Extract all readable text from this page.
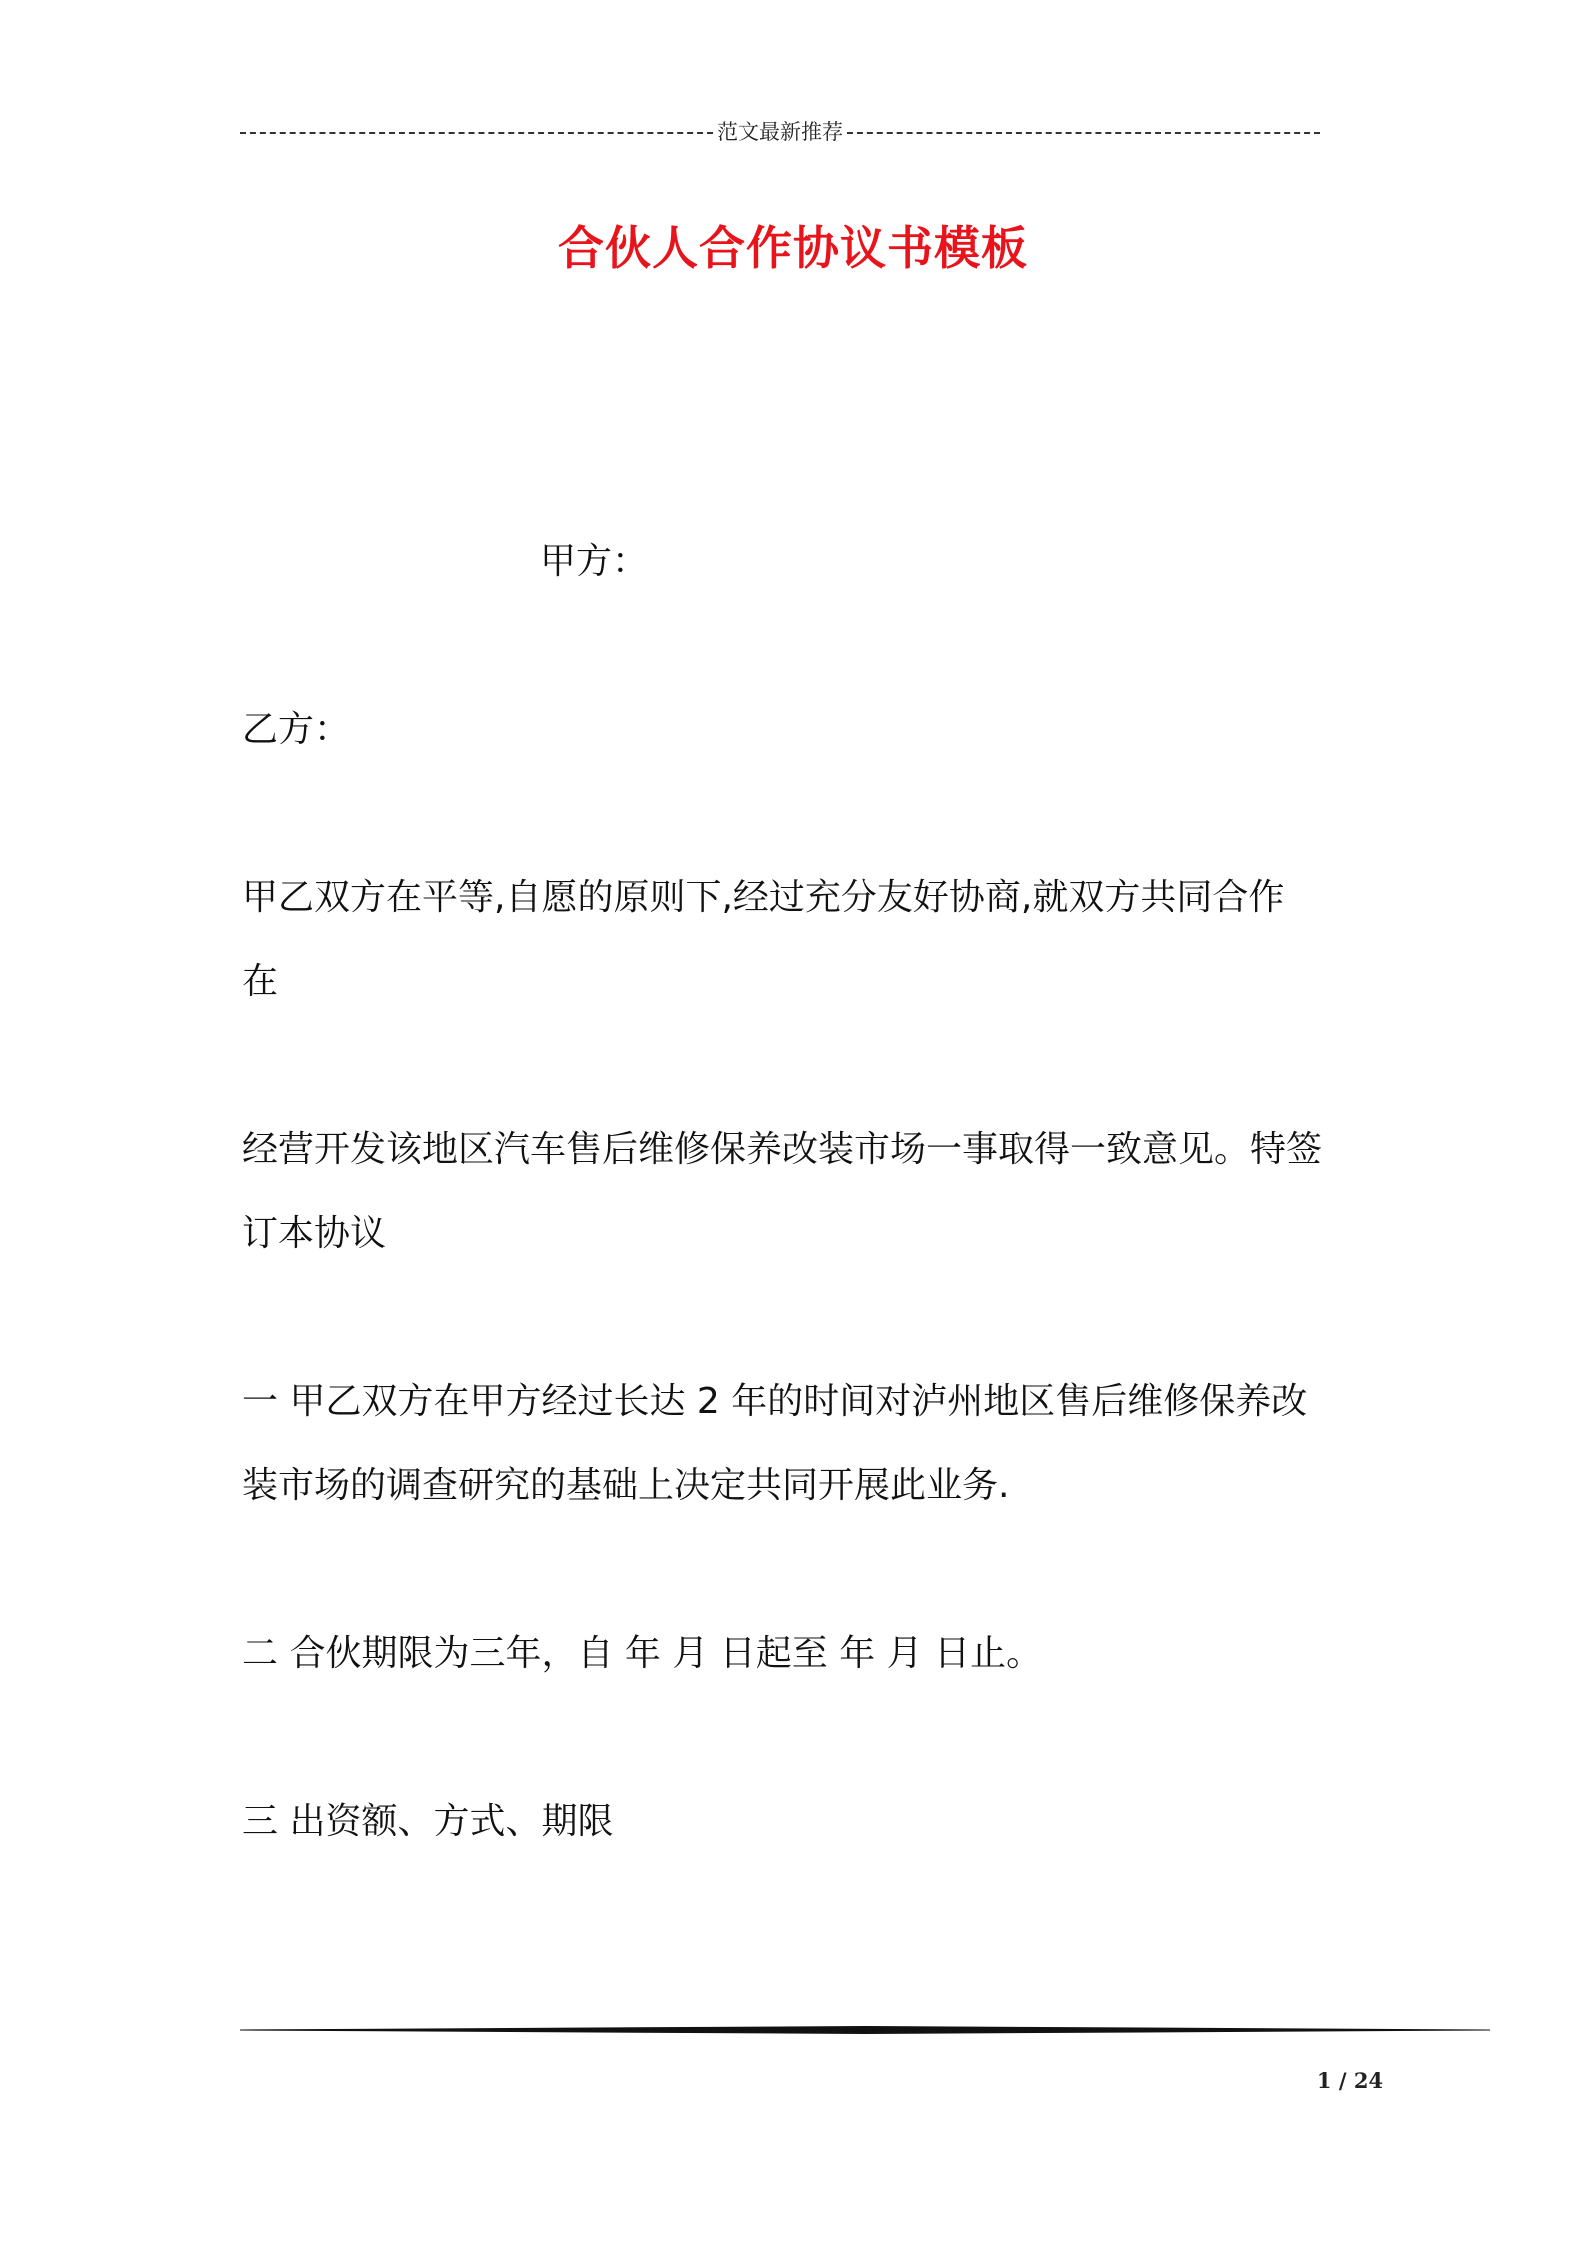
范文最新推荐
合伙人合作协议书模板

甲方：

乙方：

甲乙双方在平等,自愿的原则下,经过充分友好协商,就双方共同合作

在

经营开发该地区汽车售后维修保养改装市场一事取得一致意见。特签

订本协议

一 甲乙双方在甲方经过长达 2 年的时间对泸州地区售后维修保养改

装市场的调查研究的基础上决定共同开展此业务.

二 合伙期限为三年，自 年 月 日起至 年 月 日止。

三 出资额、方式、期限

1 / 24
